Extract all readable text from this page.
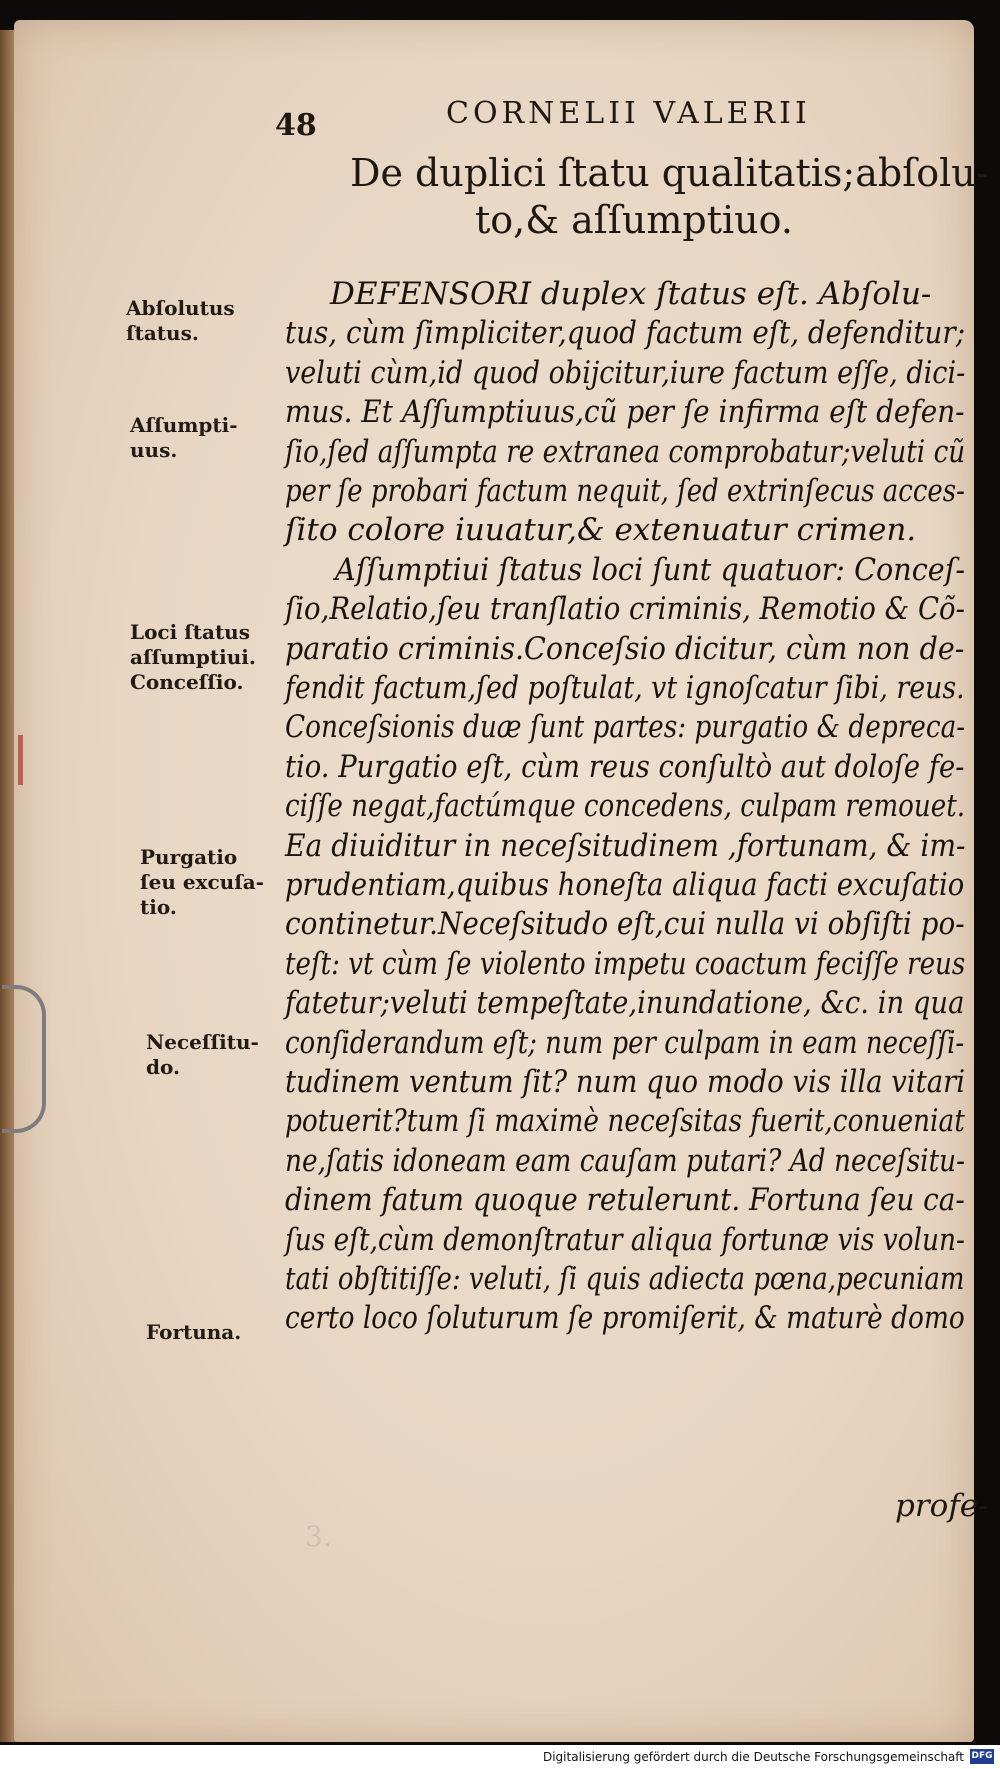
48	CORNELII VALERII
De duplici ſtatu qualitatis;abſolu-
to,& aſſumptiuo.
DEFENSORI duplex ſtatus eſt. Abſolu-
tus, cùm ſimpliciter,quod factum eſt, defenditur;
veluti cùm,id quod obijcitur,iure factum eſſe, dici-
mus. Et Aſſumptiuus,cũ per ſe infirma eſt defen-
ſio,ſed aſſumpta re extranea comprobatur;veluti cũ
per ſe probari factum nequit, ſed extrinſecus acces-
ſito colore iuuatur,& extenuatur crimen.
Aſſumptiui ſtatus loci ſunt quatuor: Conceſ-
ſio,Relatio,ſeu tranſlatio criminis, Remotio & Cõ-
paratio criminis.Conceſsio dicitur, cùm non de-
fendit factum,ſed poſtulat, vt ignoſcatur ſibi, reus.
Conceſsionis duæ ſunt partes: purgatio & depreca-
tio. Purgatio eſt, cùm reus conſultò aut doloſe fe-
ciſſe negat,factúmque concedens, culpam remouet.
Ea diuiditur in neceſsitudinem ,fortunam, & im-
prudentiam,quibus honeſta aliqua facti excuſatio
continetur.Neceſsitudo eſt,cui nulla vi obſiſti po-
teſt: vt cùm ſe violento impetu coactum feciſſe reus
fatetur;veluti tempeſtate,inundatione, &c. in qua
conſiderandum eſt; num per culpam in eam neceſſi-
tudinem ventum ſit? num quo modo vis illa vitari
potuerit?tum ſi maximè neceſsitas fuerit,conueniat
ne,ſatis idoneam eam cauſam putari? Ad neceſsitu-
dinem fatum quoque retulerunt. Fortuna ſeu ca-
ſus eſt,cùm demonſtratur aliqua fortunæ vis volun-
tati obſtitiſſe: veluti, ſi quis adiecta pœna,pecuniam
certo loco ſoluturum ſe promiſerit, & maturè domo
Abſolutus
ſtatus.
Aſſumpti-
uus.
Loci ſtatus
aſſumptiui.
Conceſſio.
Purgatio
ſeu excuſa-
tio.
Neceſſitu-
do.
Fortuna.
profe-
3.
Digitalisierung gefördert durch die Deutsche Forschungsgemeinschaft DFG
